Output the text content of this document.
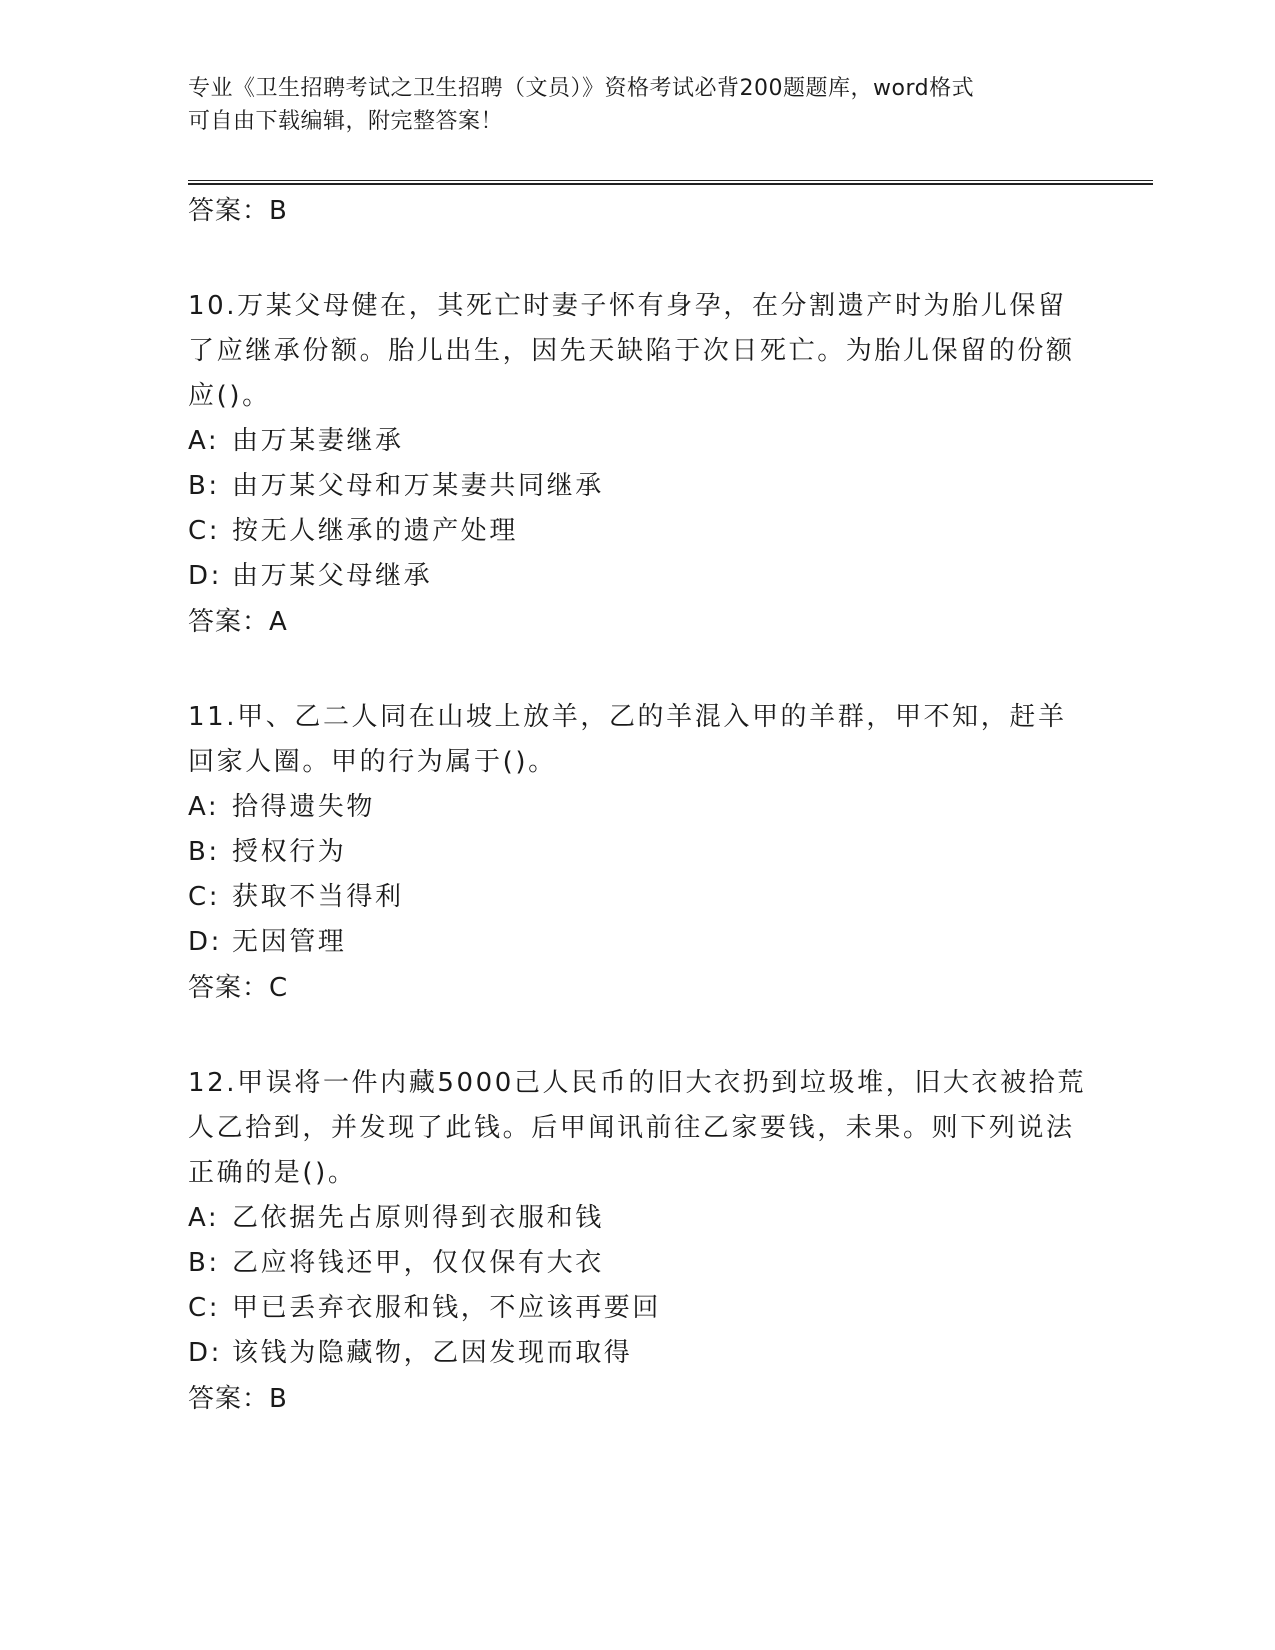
专业《卫生招聘考试之卫生招聘（文员）》资格考试必背200题题库，word格式
可自由下载编辑，附完整答案！

答案：B

10.万某父母健在，其死亡时妻子怀有身孕，在分割遗产时为胎儿保留了应继承份额。胎儿出生，因先天缺陷于次日死亡。为胎儿保留的份额应()。

A: 由万某妻继承

B: 由万某父母和万某妻共同继承

C: 按无人继承的遗产处理

D: 由万某父母继承

答案：A

11.甲、乙二人同在山坡上放羊，乙的羊混入甲的羊群，甲不知，赶羊回家人圈。甲的行为属于()。

A: 拾得遗失物

B: 授权行为

C: 获取不当得利

D: 无因管理

答案：C

12.甲误将一件内藏5000己人民币的旧大衣扔到垃圾堆，旧大衣被拾荒人乙拾到，并发现了此钱。后甲闻讯前往乙家要钱，未果。则下列说法正确的是()。

A: 乙依据先占原则得到衣服和钱

B: 乙应将钱还甲，仅仅保有大衣

C: 甲已丢弃衣服和钱，不应该再要回

D: 该钱为隐藏物，乙因发现而取得

答案：B
